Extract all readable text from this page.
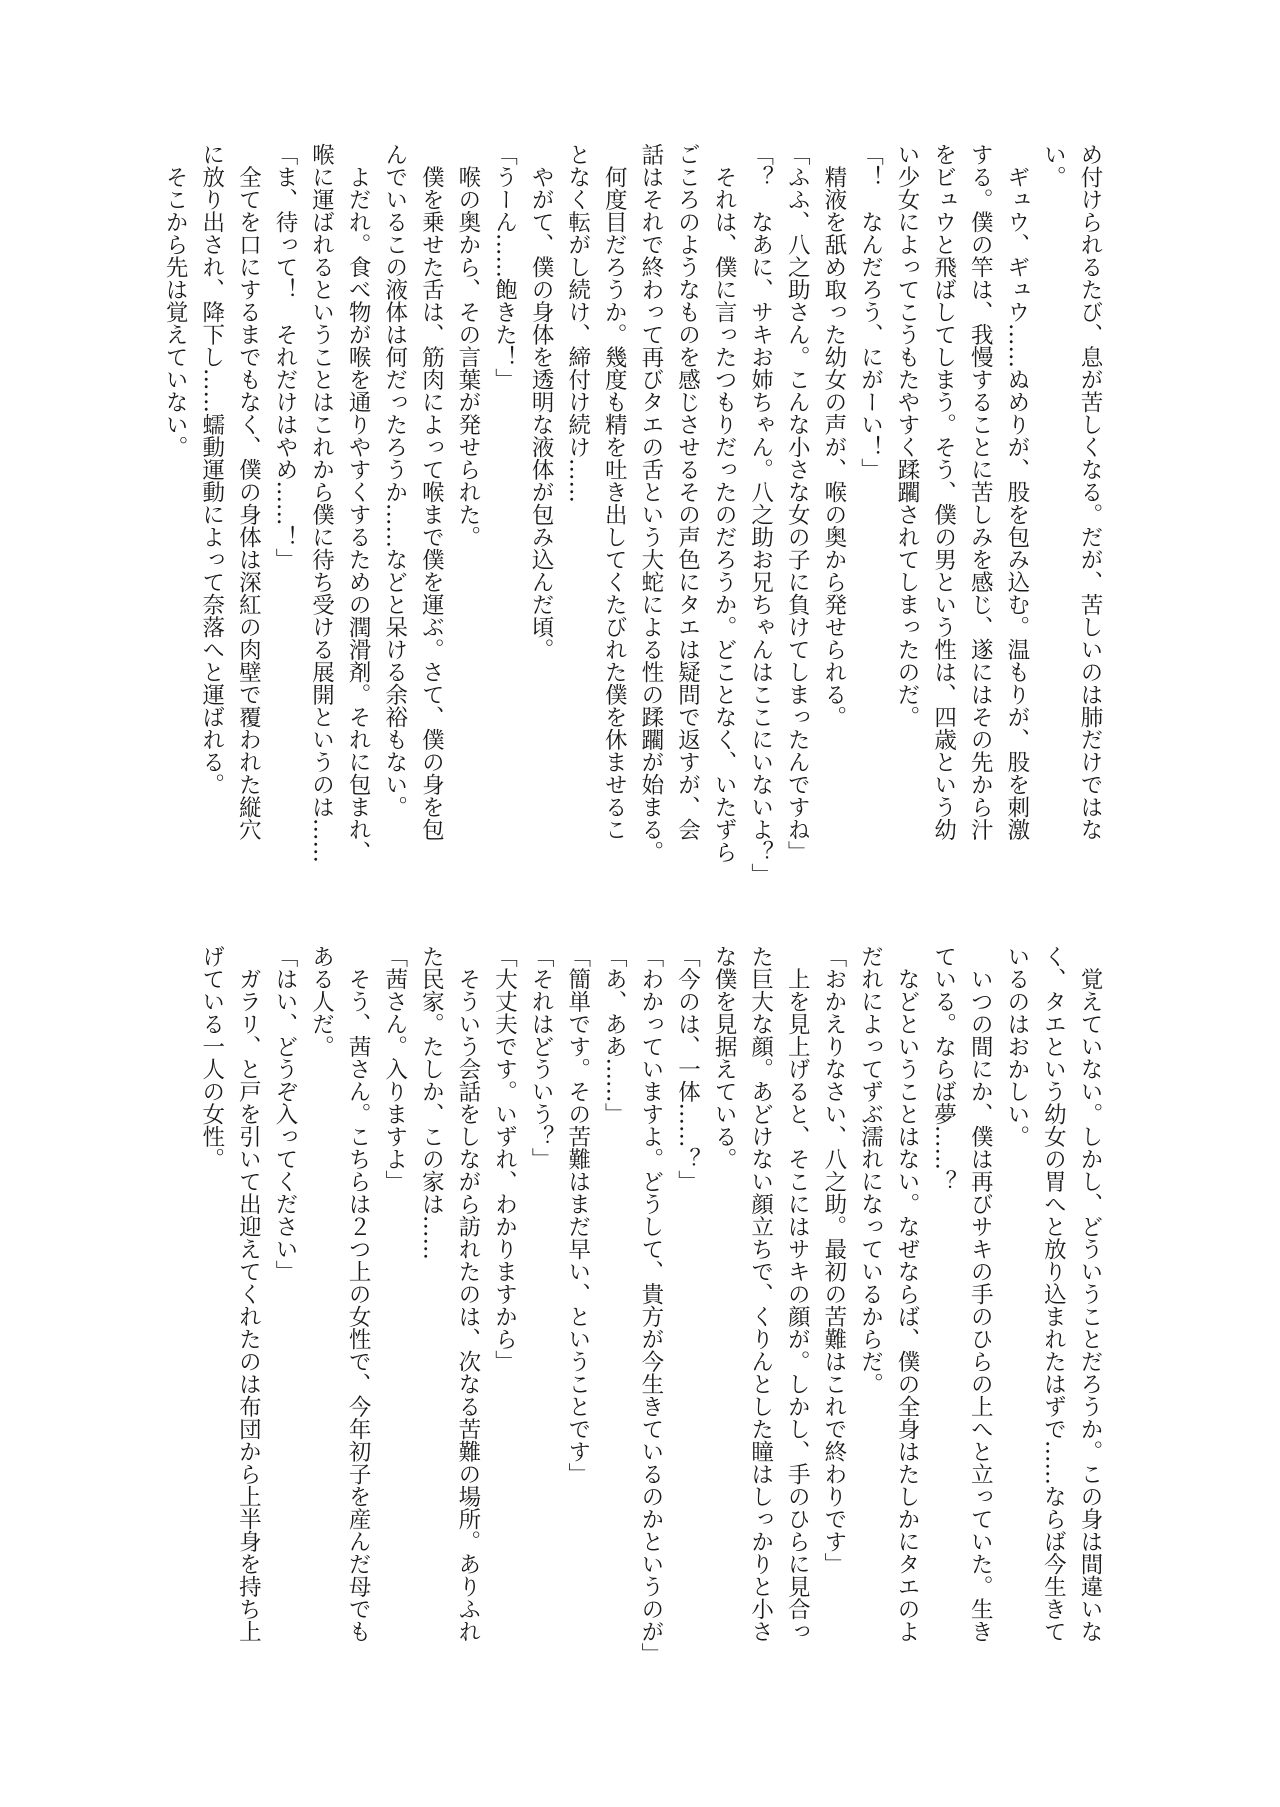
め付けられるたび、息が苦しくなる。だが、苦しいのは肺だけではな
い。
　ギュウ、ギュウ……ぬめりが、股を包み込む。温もりが、股を刺激
する。僕の竿は、我慢することに苦しみを感じ、遂にはその先から汁
をビュウと飛ばしてしまう。そう、僕の男という性は、四歳という幼
い少女によってこうもたやすく蹂躙されてしまったのだ。
「！　なんだろう、にがーい！」
　精液を舐め取った幼女の声が、喉の奥から発せられる。
「ふふ、八之助さん。こんな小さな女の子に負けてしまったんですね」
「？　なあに、サキお姉ちゃん。八之助お兄ちゃんはここにいないよ？」
　それは、僕に言ったつもりだったのだろうか。どことなく、いたずら
ごころのようなものを感じさせるその声色にタエは疑問で返すが、会
話はそれで終わって再びタエの舌という大蛇による性の蹂躙が始まる。
　何度目だろうか。幾度も精を吐き出してくたびれた僕を休ませるこ
となく転がし続け、締付け続け……
　やがて、僕の身体を透明な液体が包み込んだ頃。
「うーん……飽きた！」
　喉の奥から、その言葉が発せられた。
　僕を乗せた舌は、筋肉によって喉まで僕を運ぶ。さて、僕の身を包
んでいるこの液体は何だったろうか……などと呆ける余裕もない。
　よだれ。食べ物が喉を通りやすくするための潤滑剤。それに包まれ、
喉に運ばれるということはこれから僕に待ち受ける展開というのは……
「ま、待って！　それだけはやめ……！」
　全てを口にするまでもなく、僕の身体は深紅の肉壁で覆われた縦穴
に放り出され、降下し……蠕動運動によって奈落へと運ばれる。
　そこから先は覚えていない。
　覚えていない。しかし、どういうことだろうか。この身は間違いな
く、タエという幼女の胃へと放り込まれたはずで……ならば今生きて
いるのはおかしい。
　いつの間にか、僕は再びサキの手のひらの上へと立っていた。生き
ている。ならば夢……？
　などということはない。なぜならば、僕の全身はたしかにタエのよ
だれによってずぶ濡れになっているからだ。
「おかえりなさい、八之助。最初の苦難はこれで終わりです」
　上を見上げると、そこにはサキの顔が。しかし、手のひらに見合っ
た巨大な顔。あどけない顔立ちで、くりんとした瞳はしっかりと小さ
な僕を見据えている。
「今のは、一体……？」
「わかっていますよ。どうして、貴方が今生きているのかというのが」
「あ、ああ……」
「簡単です。その苦難はまだ早い、ということです」
「それはどういう？」
「大丈夫です。いずれ、わかりますから」
　そういう会話をしながら訪れたのは、次なる苦難の場所。ありふれ
た民家。たしか、この家は……
「茜さん。入りますよ」
　そう、茜さん。こちらは２つ上の女性で、今年初子を産んだ母でも
ある人だ。
「はい、どうぞ入ってください」
　ガラリ、と戸を引いて出迎えてくれたのは布団から上半身を持ち上
げている一人の女性。
